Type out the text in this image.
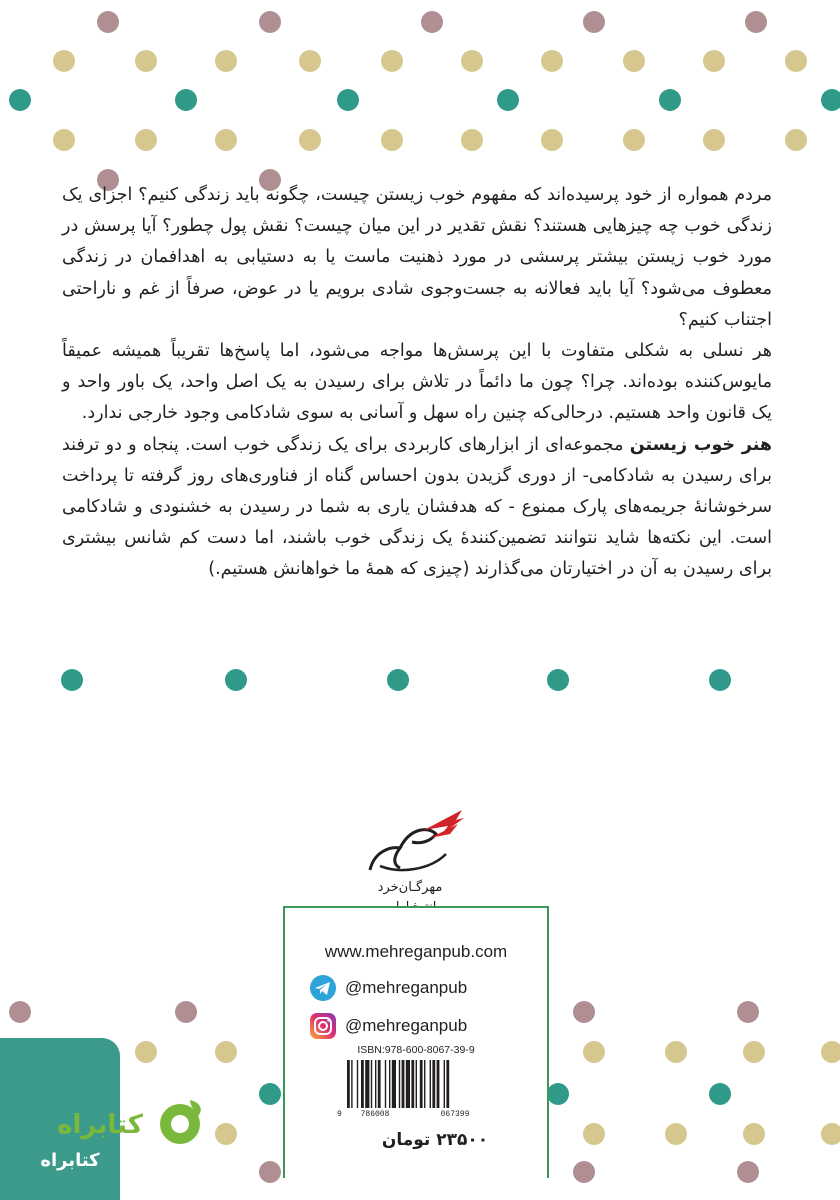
مردم همواره از خود پرسیده‌اند که مفهوم خوب زیستن چیست، چگونه باید زندگی کنیم؟ اجزای یک زندگی خوب چه چیزهایی هستند؟ نقش تقدیر در این میان چیست؟ نقش پول چطور؟ آیا پرسش در مورد خوب زیستن بیشتر پرسشی در مورد ذهنیت ماست یا به دستیابی به اهدافمان در زندگی معطوف می‌شود؟ آیا باید فعالانه به جست‌وجوی شادی برویم یا در عوض، صرفاً از غم و ناراحتی اجتناب کنیم؟

هر نسلی به شکلی متفاوت با این پرسش‌ها مواجه می‌شود، اما پاسخ‌ها تقریباً همیشه عمیقاً مایوس‌کننده بوده‌اند. چرا؟ چون ما دائماً در تلاش برای رسیدن به یک اصل واحد، یک باور واحد و یک قانون واحد هستیم. درحالی‌که چنین راه سهل و آسانی به سوی شادکامی وجود خارجی ندارد.

هنر خوب زیستن مجموعه‌ای از ابزارهای کاربردی برای یک زندگی خوب است. پنجاه و دو ترفند برای رسیدن به شادکامی- از دوری گزیدن بدون احساس گناه از فناوری‌های روز گرفته تا پرداخت سرخوشانهٔ جریمه‌های پارک ممنوع - که هدفشان یاری به شما در رسیدن به خشنودی و شادکامی است. این نکته‌ها شاید نتوانند تضمین‌کنندهٔ یک زندگی خوب باشند، اما دست کم شانس بیشتری برای رسیدن به آن در اختیارتان می‌گذارند (چیزی که همهٔ ما خواهانش هستیم.)

مهرگـان‌خرد
www.mehreganpub.com
@mehreganpub
@mehreganpub
ISBN:978-600-8067-39-9
9	786008	067399
۲۳۵۰۰ تومان
کتابراه
کتابراه
